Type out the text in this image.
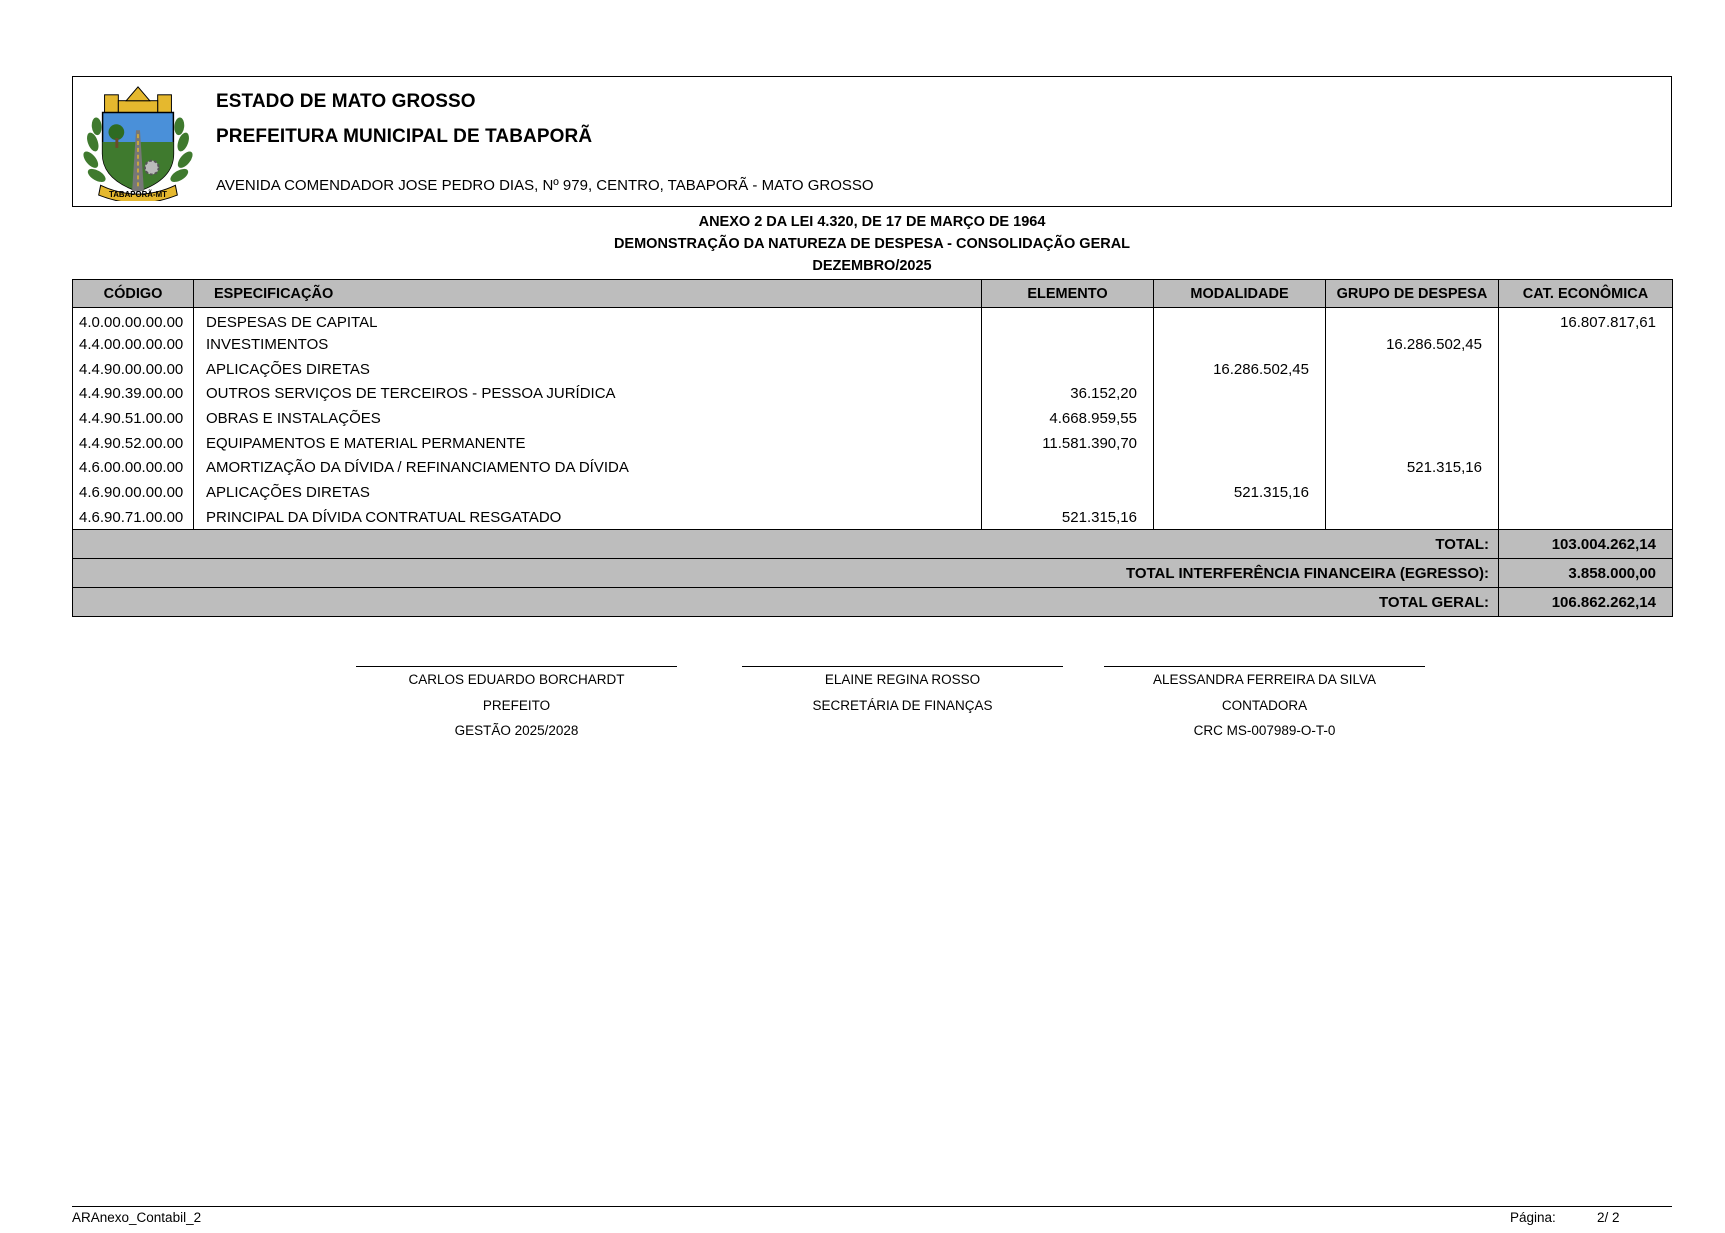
TABAPORÃ-MT
ESTADO DE MATO GROSSO
PREFEITURA MUNICIPAL DE TABAPORÃ
AVENIDA COMENDADOR JOSE PEDRO DIAS, Nº 979, CENTRO, TABAPORÃ - MATO GROSSO
ANEXO 2 DA LEI 4.320, DE 17 DE MARÇO DE 1964
DEMONSTRAÇÃO DA NATUREZA DE DESPESA - CONSOLIDAÇÃO GERAL
DEZEMBRO/2025
CÓDIGO	ESPECIFICAÇÃO	ELEMENTO	MODALIDADE	GRUPO DE DESPESA	CAT. ECONÔMICA
4.0.00.00.00.00	DESPESAS DE CAPITAL				16.807.817,61
4.4.00.00.00.00	INVESTIMENTOS			16.286.502,45	
4.4.90.00.00.00	APLICAÇÕES DIRETAS		16.286.502,45		
4.4.90.39.00.00	OUTROS SERVIÇOS DE TERCEIROS - PESSOA JURÍDICA	36.152,20			
4.4.90.51.00.00	OBRAS E INSTALAÇÕES	4.668.959,55			
4.4.90.52.00.00	EQUIPAMENTOS E MATERIAL PERMANENTE	11.581.390,70			
4.6.00.00.00.00	AMORTIZAÇÃO DA DÍVIDA / REFINANCIAMENTO DA DÍVIDA			521.315,16	
4.6.90.00.00.00	APLICAÇÕES DIRETAS		521.315,16		
4.6.90.71.00.00	PRINCIPAL DA DÍVIDA CONTRATUAL RESGATADO	521.315,16			
TOTAL:					103.004.262,14
TOTAL INTERFERÊNCIA FINANCEIRA (EGRESSO):					3.858.000,00
TOTAL GERAL:					106.862.262,14
CARLOS EDUARDO BORCHARDT
PREFEITO
GESTÃO 2025/2028
ELAINE REGINA ROSSO
SECRETÁRIA DE FINANÇAS
ALESSANDRA FERREIRA DA SILVA
CONTADORA
CRC MS-007989-O-T-0
ARAnexo_Contabil_2	Página:	2/ 2
